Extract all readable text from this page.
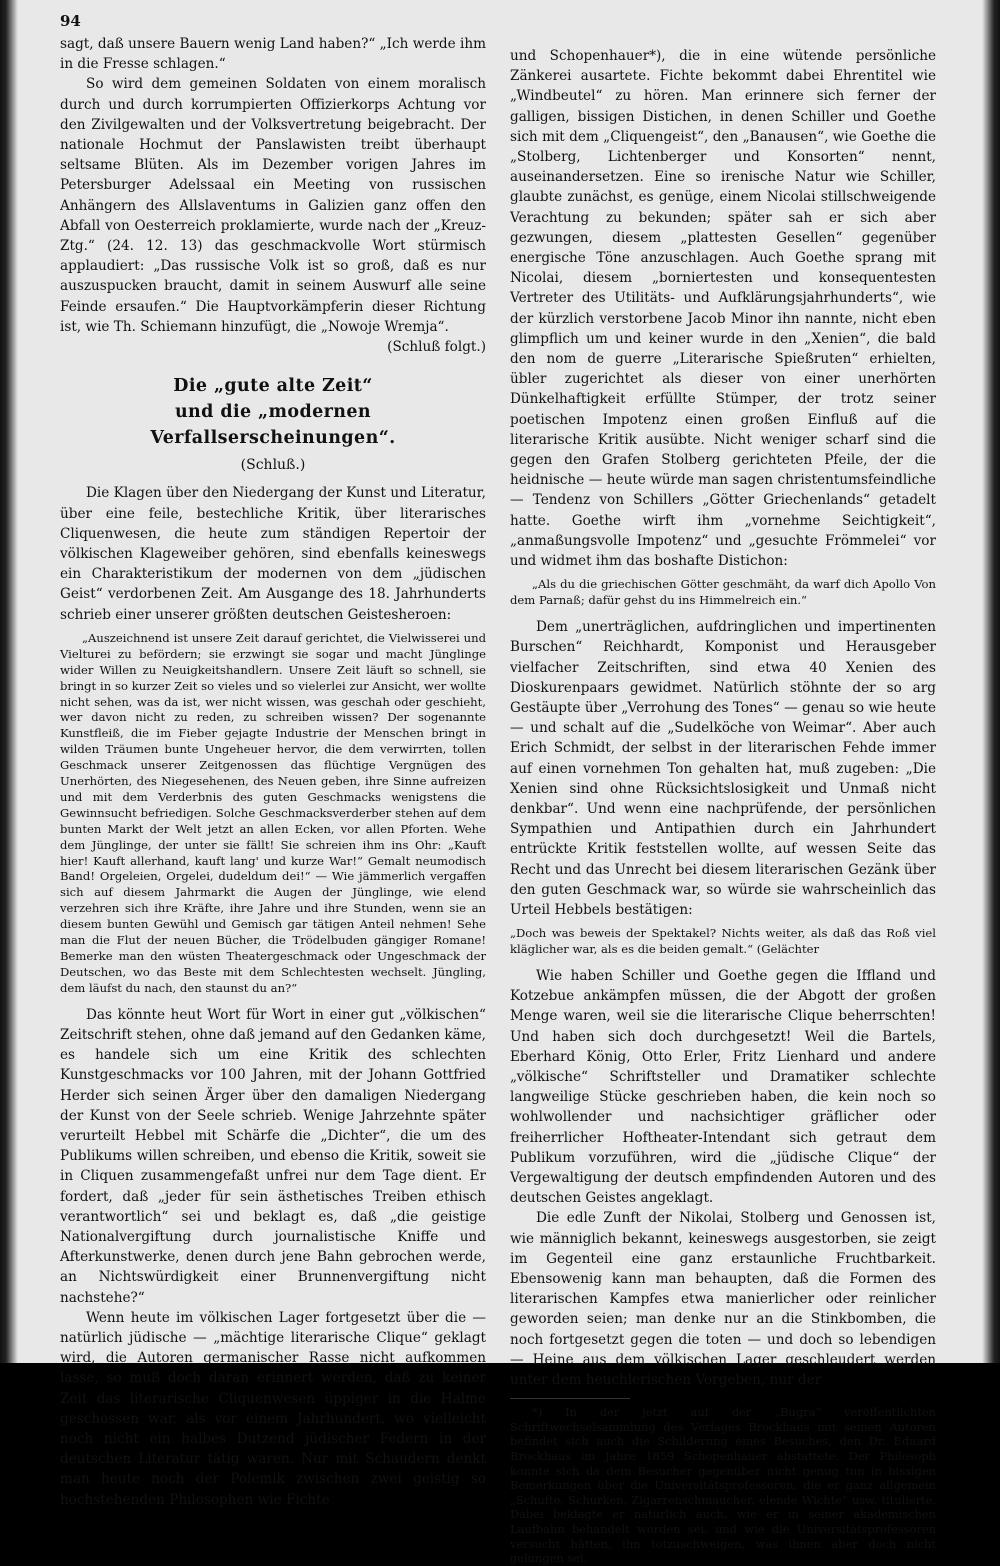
94

sagt, daß unsere Bauern wenig Land haben?“ „Ich werde ihm in die Fresse schlagen.“

So wird dem gemeinen Soldaten von einem moralisch durch und durch korrumpierten Offizierkorps Achtung vor den Zivilgewalten und der Volksvertretung beigebracht. Der nationale Hochmut der Panslawisten treibt überhaupt seltsame Blüten. Als im Dezember vorigen Jahres im Petersburger Adelssaal ein Meeting von russischen Anhängern des Allslaventums in Galizien ganz offen den Abfall von Oesterreich proklamierte, wurde nach der „Kreuz-Ztg.“ (24. 12. 13) das geschmackvolle Wort stürmisch applaudiert: „Das russische Volk ist so groß, daß es nur auszuspucken braucht, damit in seinem Auswurf alle seine Feinde ersaufen.“ Die Hauptvorkämpferin dieser Richtung ist, wie Th. Schiemann hinzufügt, die „Nowoje Wremja“.

(Schluß folgt.)

Die „gute alte Zeit“
und die „modernen Verfallserscheinungen“.
(Schluß.)

Die Klagen über den Niedergang der Kunst und Literatur, über eine feile, bestechliche Kritik, über literarisches Cliquenwesen, die heute zum ständigen Repertoir der völkischen Klageweiber gehören, sind ebenfalls keineswegs ein Charakteristikum der modernen von dem „jüdischen Geist“ verdorbenen Zeit. Am Ausgange des 18. Jahrhunderts schrieb einer unserer größten deutschen Geistesheroen:

„Auszeichnend ist unsere Zeit darauf gerichtet, die Vielwisserei und Vielturei zu befördern; sie erzwingt sie sogar und macht Jünglinge wider Willen zu Neuigkeitshandlern. Unsere Zeit läuft so schnell, sie bringt in so kurzer Zeit so vieles und so vielerlei zur Ansicht, wer wollte nicht sehen, was da ist, wer nicht wissen, was geschah oder geschieht, wer davon nicht zu reden, zu schreiben wissen? Der sogenannte Kunstfleiß, die im Fieber gejagte Industrie der Menschen bringt in wilden Träumen bunte Ungeheuer hervor, die dem verwirrten, tollen Geschmack unserer Zeitgenossen das flüchtige Vergnügen des Unerhörten, des Niegesehenen, des Neuen geben, ihre Sinne aufreizen und mit dem Verderbnis des guten Geschmacks wenigstens die Gewinnsucht befriedigen. Solche Geschmacksverderber stehen auf dem bunten Markt der Welt jetzt an allen Ecken, vor allen Pforten. Wehe dem Jünglinge, der unter sie fällt! Sie schreien ihm ins Ohr: „Kauft hier! Kauft allerhand, kauft lang' und kurze War!“ Gemalt neumodisch Band! Orgeleien, Orgelei, dudeldum dei!“ — Wie jämmerlich vergaffen sich auf diesem Jahrmarkt die Augen der Jünglinge, wie elend verzehren sich ihre Kräfte, ihre Jahre und ihre Stunden, wenn sie an diesem bunten Gewühl und Gemisch gar tätigen Anteil nehmen! Sehe man die Flut der neuen Bücher, die Trödelbuden gängiger Romane! Bemerke man den wüsten Theatergeschmack oder Ungeschmack der Deutschen, wo das Beste mit dem Schlechtesten wechselt. Jüngling, dem läufst du nach, den staunst du an?“

Das könnte heut Wort für Wort in einer gut „völkischen“ Zeitschrift stehen, ohne daß jemand auf den Gedanken käme, es handele sich um eine Kritik des schlechten Kunstgeschmacks vor 100 Jahren, mit der Johann Gottfried Herder sich seinen Ärger über den damaligen Niedergang der Kunst von der Seele schrieb. Wenige Jahrzehnte später verurteilt Hebbel mit Schärfe die „Dichter“, die um des Publikums willen schreiben, und ebenso die Kritik, soweit sie in Cliquen zusammengefaßt unfrei nur dem Tage dient. Er fordert, daß „jeder für sein ästhetisches Treiben ethisch verantwortlich“ sei und beklagt es, daß „die geistige Nationalvergiftung durch journalistische Kniffe und Afterkunstwerke, denen durch jene Bahn gebrochen werde, an Nichtswürdigkeit einer Brunnenvergiftung nicht nachstehe?“

Wenn heute im völkischen Lager fortgesetzt über die — natürlich jüdische — „mächtige literarische Clique“ geklagt wird, die Autoren germanischer Rasse nicht aufkommen lasse, so muß doch daran erinnert werden, daß zu keiner Zeit das literarische Cliquenwesen üppiger in die Halme geschossen war, als vor einem Jahrhundert, wo vielleicht noch nicht ein halbes Dutzend jüdischer Federn in der deutschen Literatur tätig waren. Nur mit Schaudern denkt man heute noch der Polemik zwischen zwei geistig so hochstehenden Philosophen wie Fichte

und Schopenhauer*), die in eine wütende persönliche Zänkerei ausartete. Fichte bekommt dabei Ehrentitel wie „Windbeutel“ zu hören. Man erinnere sich ferner der galligen, bissigen Distichen, in denen Schiller und Goethe sich mit dem „Cliquengeist“, den „Banausen“, wie Goethe die „Stolberg, Lichtenberger und Konsorten“ nennt, auseinandersetzen. Eine so irenische Natur wie Schiller, glaubte zunächst, es genüge, einem Nicolai stillschweigende Verachtung zu bekunden; später sah er sich aber gezwungen, diesem „plattesten Gesellen“ gegenüber energische Töne anzuschlagen. Auch Goethe sprang mit Nicolai, diesem „borniertesten und konsequentesten Vertreter des Utilitäts- und Aufklärungsjahrhunderts“, wie der kürzlich verstorbene Jacob Minor ihn nannte, nicht eben glimpflich um und keiner wurde in den „Xenien“, die bald den nom de guerre „Literarische Spießruten“ erhielten, übler zugerichtet als dieser von einer unerhörten Dünkelhaftigkeit erfüllte Stümper, der trotz seiner poetischen Impotenz einen großen Einfluß auf die literarische Kritik ausübte. Nicht weniger scharf sind die gegen den Grafen Stolberg gerichteten Pfeile, der die heidnische — heute würde man sagen christentumsfeindliche — Tendenz von Schillers „Götter Griechenlands“ getadelt hatte. Goethe wirft ihm „vornehme Seichtigkeit“, „anmaßungsvolle Impotenz“ und „gesuchte Frömmelei“ vor und widmet ihm das boshafte Distichon:

„Als du die griechischen Götter geschmäht, da warf dich Apollo Von dem Parnaß; dafür gehst du ins Himmelreich ein.“

Dem „unerträglichen, aufdringlichen und impertinenten Burschen“ Reichhardt, Komponist und Herausgeber vielfacher Zeitschriften, sind etwa 40 Xenien des Dioskurenpaars gewidmet. Natürlich stöhnte der so arg Gestäupte über „Verrohung des Tones“ — genau so wie heute — und schalt auf die „Sudelköche von Weimar“. Aber auch Erich Schmidt, der selbst in der literarischen Fehde immer auf einen vornehmen Ton gehalten hat, muß zugeben: „Die Xenien sind ohne Rücksichtslosigkeit und Unmaß nicht denkbar“. Und wenn eine nachprüfende, der persönlichen Sympathien und Antipathien durch ein Jahrhundert entrückte Kritik feststellen wollte, auf wessen Seite das Recht und das Unrecht bei diesem literarischen Gezänk über den guten Geschmack war, so würde sie wahrscheinlich das Urteil Hebbels bestätigen:

„Doch was beweis der Spektakel? Nichts weiter, als daß das Roß viel kläglicher war, als es die beiden gemalt.“ (Gelächter

Wie haben Schiller und Goethe gegen die Iffland und Kotzebue ankämpfen müssen, die der Abgott der großen Menge waren, weil sie die literarische Clique beherrschten! Und haben sich doch durchgesetzt! Weil die Bartels, Eberhard König, Otto Erler, Fritz Lienhard und andere „völkische“ Schriftsteller und Dramatiker schlechte langweilige Stücke geschrieben haben, die kein noch so wohlwollender und nachsichtiger gräflicher oder freiherrlicher Hoftheater-Intendant sich getraut dem Publikum vorzuführen, wird die „jüdische Clique“ der Vergewaltigung der deutsch empfindenden Autoren und des deutschen Geistes angeklagt.

Die edle Zunft der Nikolai, Stolberg und Genossen ist, wie männiglich bekannt, keineswegs ausgestorben, sie zeigt im Gegenteil eine ganz erstaunliche Fruchtbarkeit. Ebensowenig kann man behaupten, daß die Formen des literarischen Kampfes etwa manierlicher oder reinlicher geworden seien; man denke nur an die Stinkbomben, die noch fortgesetzt gegen die toten — und doch so lebendigen — Heine aus dem völkischen Lager geschleudert werden unter dem heuchlerischen Vorgeben, nur der

*) In der jetzt auf der „Bugra“ veröffentlichten Schriftwechselsammlung des Verlages Brockhaus mit seinen Autoren befindet sich auch die Schilderung eines Besuches, den Dr. Eduard Brockhaus im Jahre 1859 Schopenhauer abstattete. Der Philosoph konnte sich da dem Besucher gegenüber nicht genug tun in bissigen Bemerkungen über die Universitätsprofessoren, die er ganz allgemein „Schufte, Schurken, Zigarrenschmaucher, elende Wichte“ usw. titulierte. Dabei beklagte er natürlich auch, wie er in seiner akademischen Laufbahn behandelt worden sei, und wie die Universitätsprofessoren versucht hätten, ihn totzuschweigen, was ihnen aber doch nicht gelungen sei.
